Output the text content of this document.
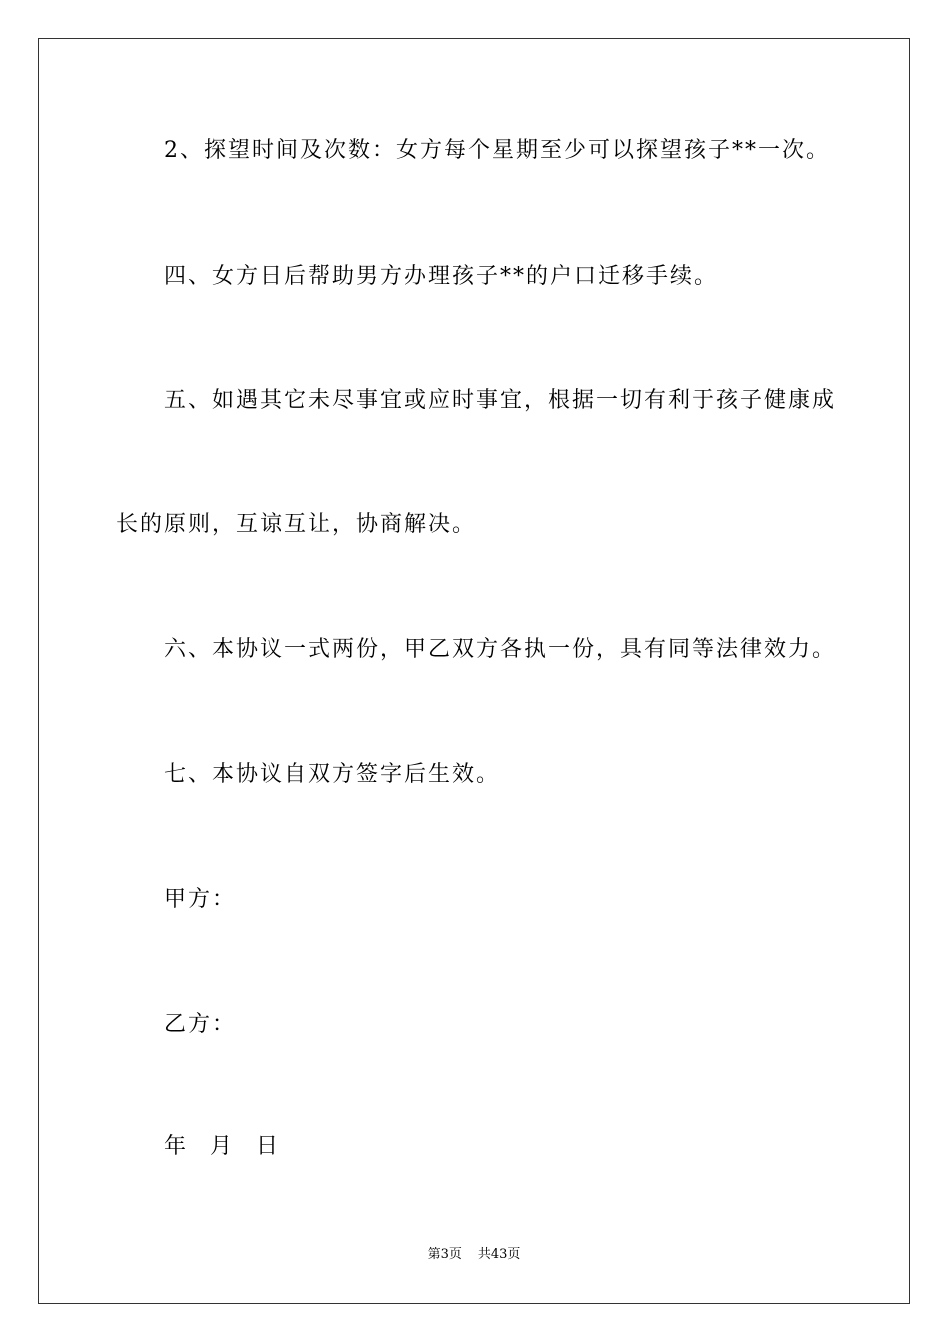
2、探望时间及次数：女方每个星期至少可以探望孩子**一次。
四、女方日后帮助男方办理孩子**的户口迁移手续。
五、如遇其它未尽事宜或应时事宜，根据一切有利于孩子健康成
长的原则，互谅互让，协商解决。
六、本协议一式两份，甲乙双方各执一份，具有同等法律效力。
七、本协议自双方签字后生效。
甲方：
乙方：
年 月 日
第3页 共43页
